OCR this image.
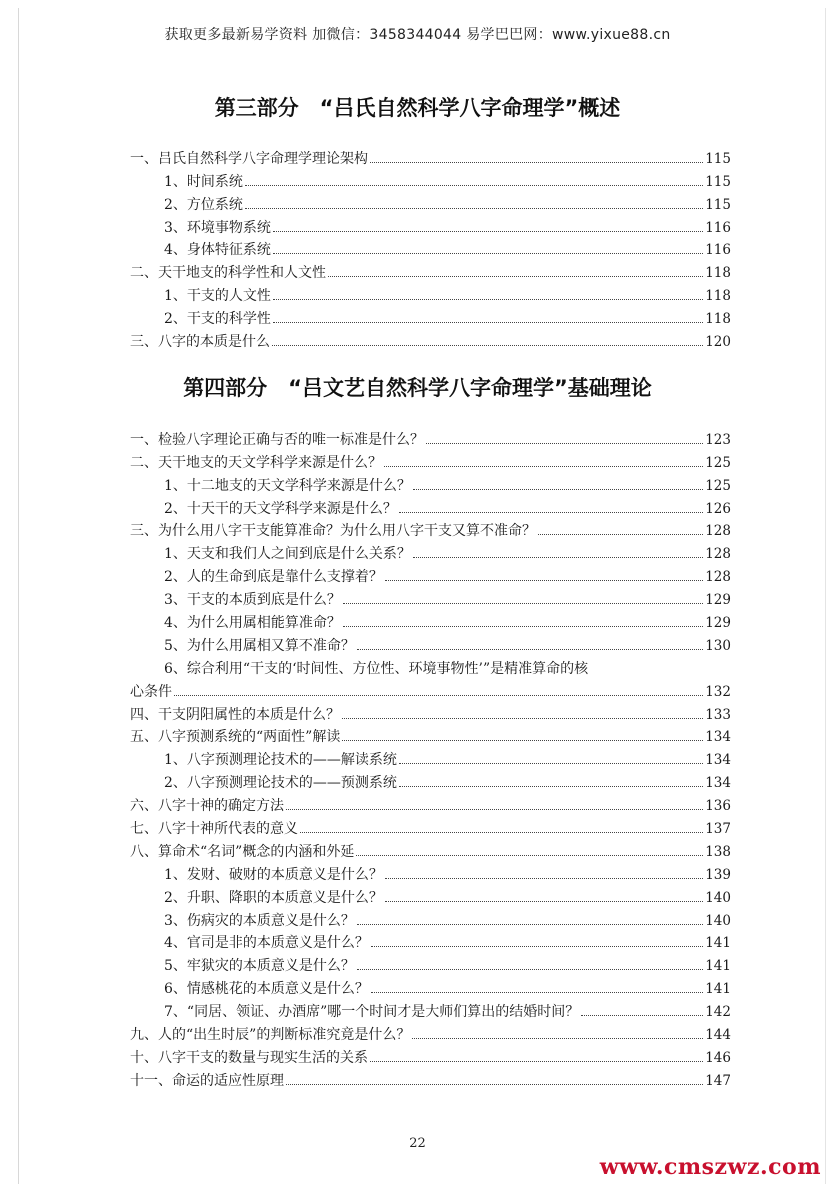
获取更多最新易学资料 加微信：3458344044 易学巴巴网：www.yixue88.cn
第三部分　“吕氏自然科学八字命理学”概述
一、吕氏自然科学八字命理学理论架构	115
1、时间系统	115
2、方位系统	115
3、环境事物系统	116
4、身体特征系统	116
二、天干地支的科学性和人文性	118
1、干支的人文性	118
2、干支的科学性	118
三、八字的本质是什么	120
第四部分　“吕文艺自然科学八字命理学”基础理论
一、检验八字理论正确与否的唯一标准是什么？	123
二、天干地支的天文学科学来源是什么？	125
1、十二地支的天文学科学来源是什么？	125
2、十天干的天文学科学来源是什么？	126
三、为什么用八字干支能算准命？为什么用八字干支又算不准命？	128
1、天支和我们人之间到底是什么关系？	128
2、人的生命到底是靠什么支撑着？	128
3、干支的本质到底是什么？	129
4、为什么用属相能算准命？	129
5、为什么用属相又算不准命？	130
6、综合利用“干支的‘时间性、方位性、环境事物性’”是精准算命的核
心条件	132
四、干支阴阳属性的本质是什么？	133
五、八字预测系统的“两面性”解读	134
1、八字预测理论技术的——解读系统	134
2、八字预测理论技术的——预测系统	134
六、八字十神的确定方法	136
七、八字十神所代表的意义	137
八、算命术“名词”概念的内涵和外延	138
1、发财、破财的本质意义是什么？	139
2、升职、降职的本质意义是什么？	140
3、伤病灾的本质意义是什么？	140
4、官司是非的本质意义是什么？	141
5、牢狱灾的本质意义是什么？	141
6、情感桃花的本质意义是什么？	141
7、“同居、领证、办酒席”哪一个时间才是大师们算出的结婚时间？	142
九、人的“出生时辰”的判断标准究竟是什么？	144
十、八字干支的数量与现实生活的关系	146
十一、命运的适应性原理	147
22
www.cmszwz.com
